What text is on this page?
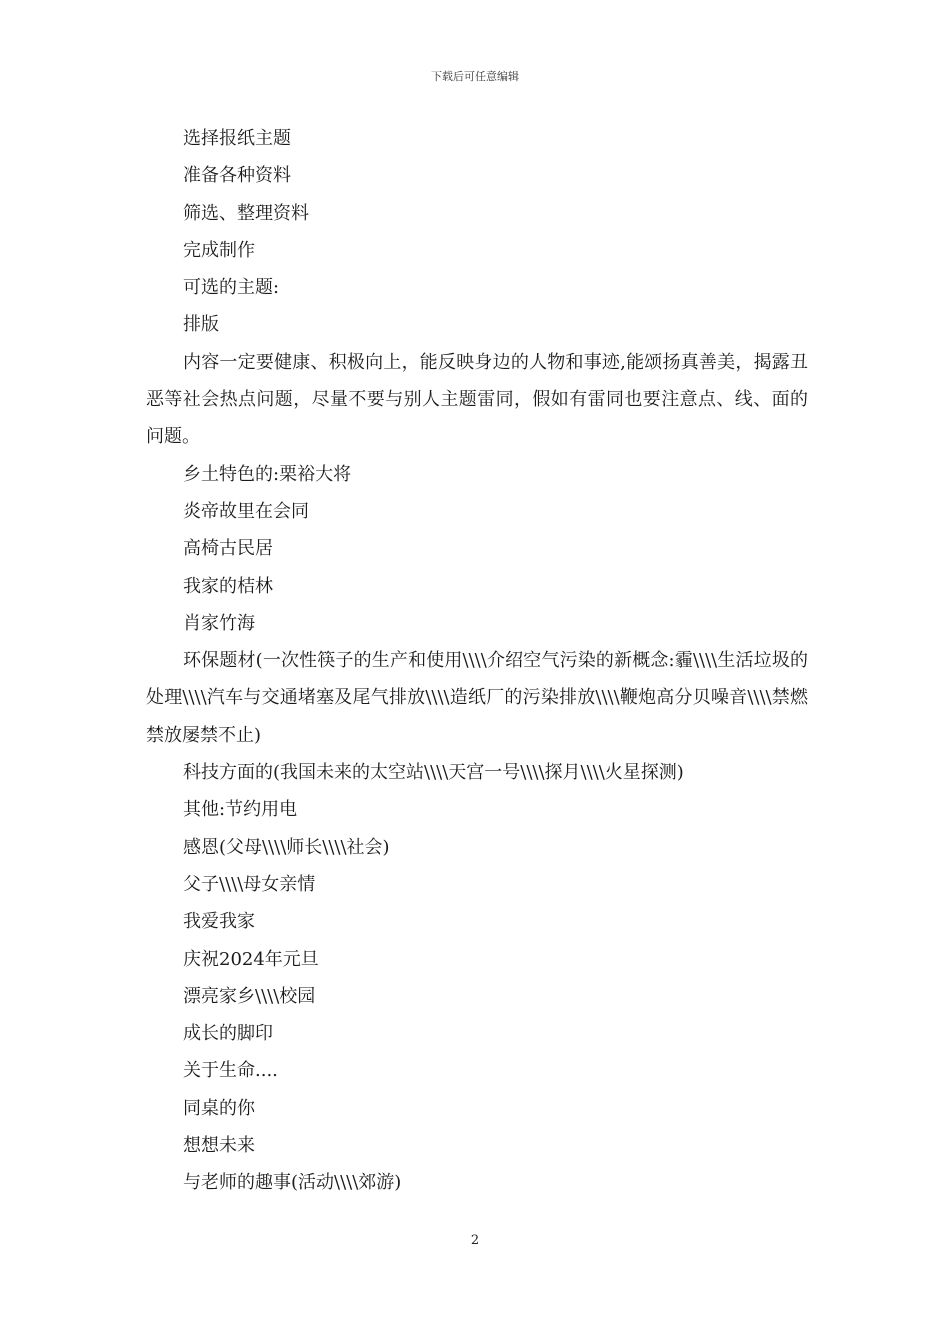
下载后可任意编辑

选择报纸主题

准备各种资料

筛选、整理资料

完成制作

可选的主题:

排版

内容一定要健康、积极向上，能反映身边的人物和事迹,能颂扬真善美，揭露丑恶等社会热点问题，尽量不要与别人主题雷同，假如有雷同也要注意点、线、面的问题。

乡土特色的:栗裕大将

炎帝故里在会同

高椅古民居

我家的桔林

肖家竹海

环保题材(一次性筷子的生产和使用\\\\介绍空气污染的新概念:霾\\\\生活垃圾的处理\\\\汽车与交通堵塞及尾气排放\\\\造纸厂的污染排放\\\\鞭炮高分贝噪音\\\\禁燃禁放屡禁不止)

科技方面的(我国未来的太空站\\\\天宫一号\\\\探月\\\\火星探测)

其他:节约用电

感恩(父母\\\\师长\\\\社会)

父子\\\\母女亲情

我爱我家

庆祝2024年元旦

漂亮家乡\\\\校园

成长的脚印

关于生命....

同桌的你

想想未来

与老师的趣事(活动\\\\郊游)

2
